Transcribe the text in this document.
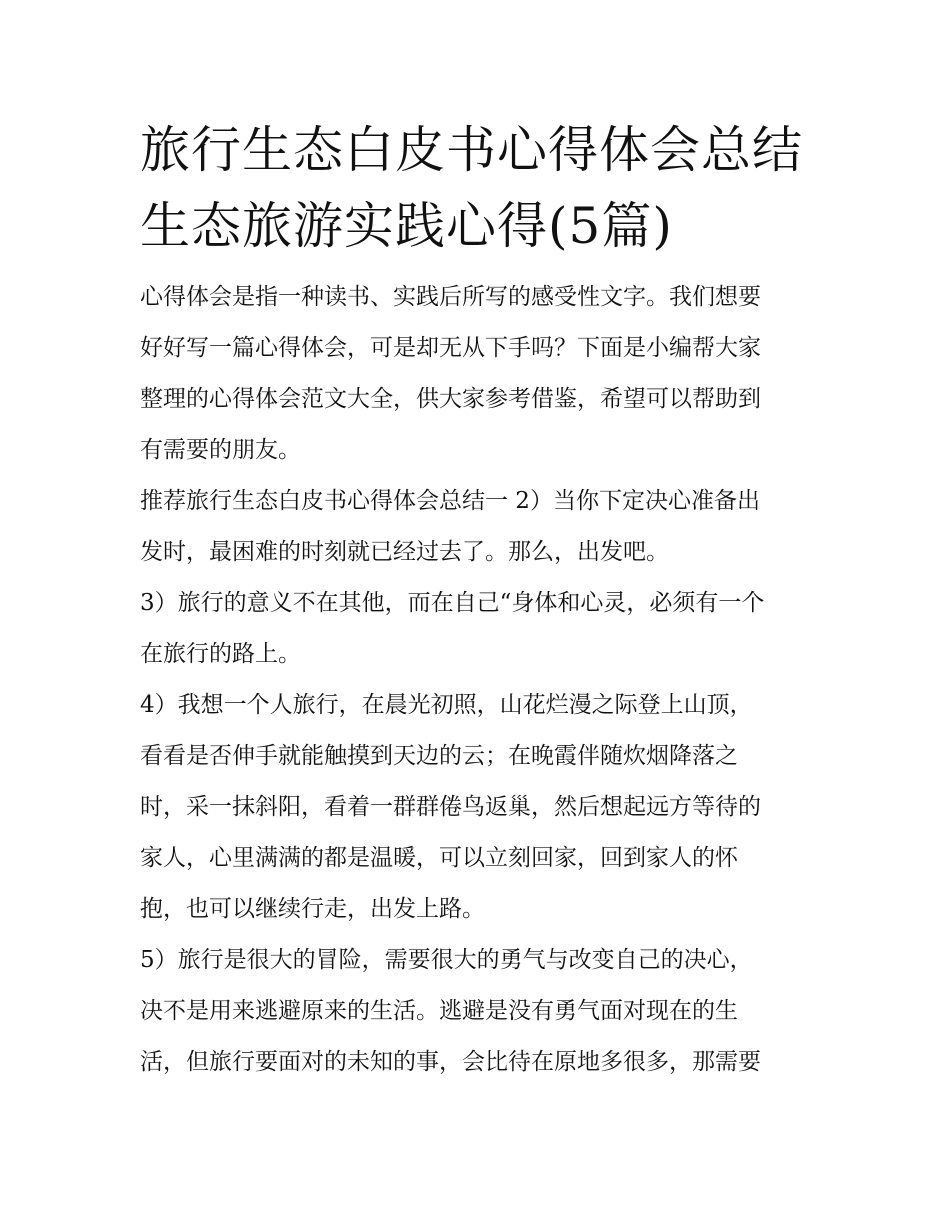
旅行生态白皮书心得体会总结
生态旅游实践心得(5篇)

心得体会是指一种读书、实践后所写的感受性文字。我们想要
好好写一篇心得体会，可是却无从下手吗？下面是小编帮大家
整理的心得体会范文大全，供大家参考借鉴，希望可以帮助到
有需要的朋友。

推荐旅行生态白皮书心得体会总结一 2）当你下定决心准备出
发时，最困难的时刻就已经过去了。那么，出发吧。

3）旅行的意义不在其他，而在自己“身体和心灵，必须有一个
在旅行的路上。

4）我想一个人旅行，在晨光初照，山花烂漫之际登上山顶，
看看是否伸手就能触摸到天边的云；在晚霞伴随炊烟降落之
时，采一抹斜阳，看着一群群倦鸟返巢，然后想起远方等待的
家人，心里满满的都是温暖，可以立刻回家，回到家人的怀
抱，也可以继续行走，出发上路。

5）旅行是很大的冒险，需要很大的勇气与改变自己的决心，
决不是用来逃避原来的生活。逃避是没有勇气面对现在的生
活，但旅行要面对的未知的事，会比待在原地多很多，那需要
